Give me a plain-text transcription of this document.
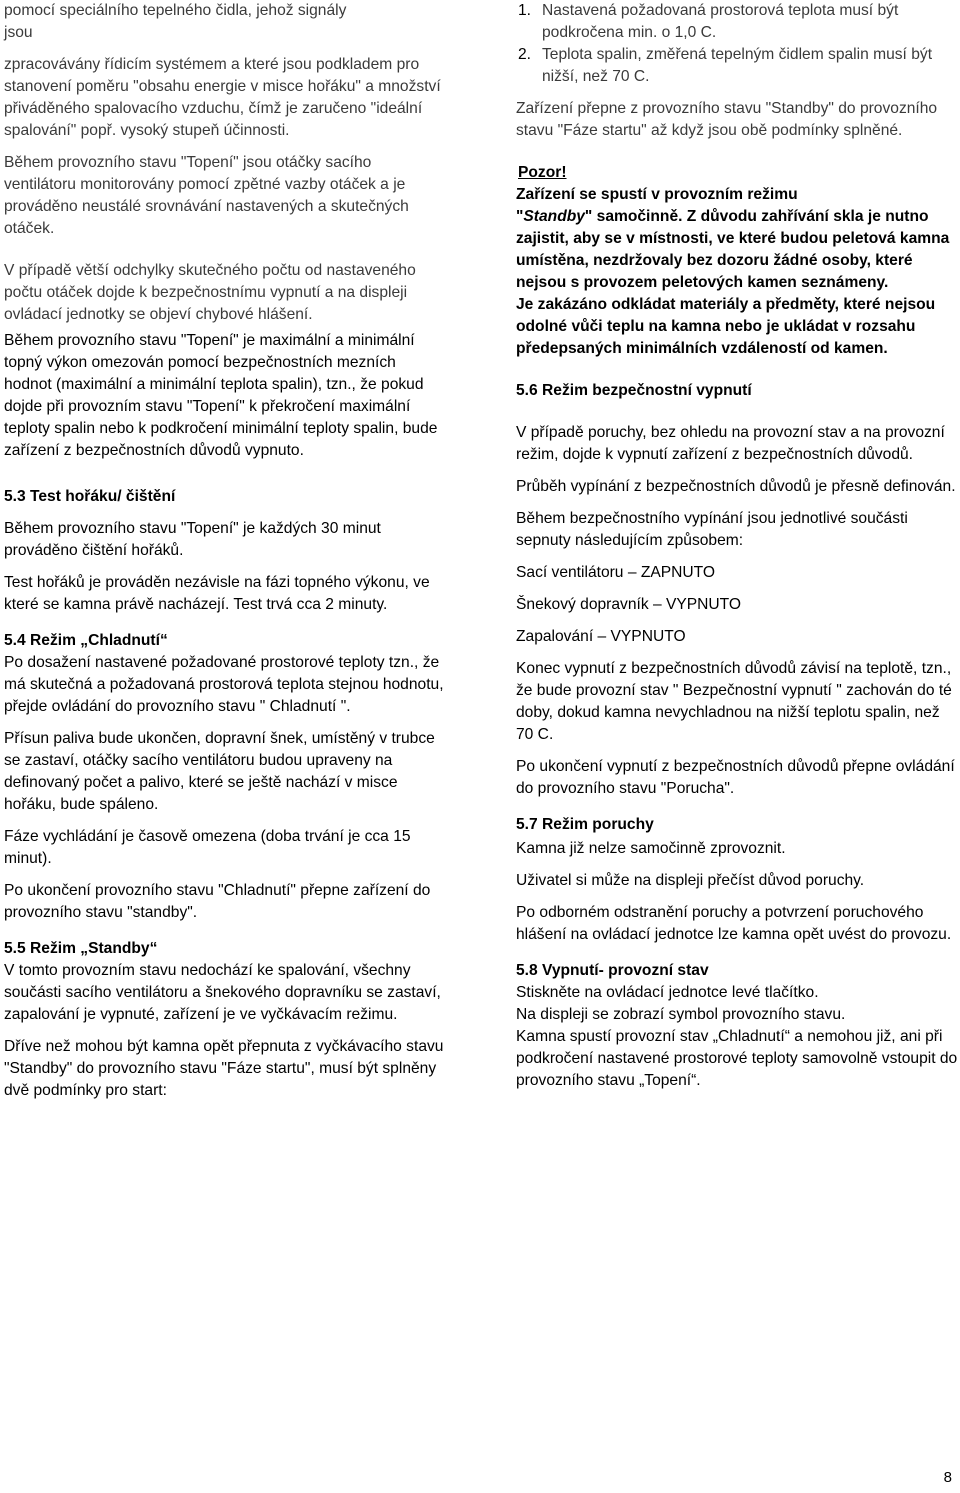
pomocí speciálního tepelného čidla, jehož signály

jsou

zpracovávány řídicím systémem a které jsou podkladem pro stanovení poměru "obsahu energie v misce hořáku" a množství přiváděného spalovacího vzduchu, čímž je zaručeno "ideální spalování" popř. vysoký stupeň účinnosti.

Během provozního stavu "Topení" jsou otáčky sacího ventilátoru monitorovány pomocí zpětné vazby otáček a je prováděno neustálé srovnávání nastavených a skutečných otáček.

V případě větší odchylky skutečného počtu od nastaveného počtu otáček dojde k bezpečnostnímu vypnutí a na displeji ovládací jednotky se objeví chybové hlášení.

Během provozního stavu "Topení" je maximální a minimální topný výkon omezován pomocí bezpečnostních mezních hodnot (maximální a minimální teplota spalin), tzn., že pokud dojde při provozním stavu "Topení" k překročení maximální teploty spalin nebo k podkročení minimální teploty spalin, bude zařízení z bezpečnostních důvodů vypnuto.

5.3 Test hořáku/ čištění

Během provozního stavu "Topení" je každých 30 minut prováděno čištění hořáků.

Test hořáků je prováděn nezávisle na fázi topného výkonu, ve které se kamna právě nacházejí. Test trvá cca 2 minuty.

5.4 Režim „Chladnutí“

Po dosažení nastavené požadované prostorové teploty tzn., že má skutečná a požadovaná prostorová teplota stejnou hodnotu, přejde ovládání do provozního stavu " Chladnutí ".

Přísun paliva bude ukončen, dopravní šnek, umístěný v trubce se zastaví, otáčky sacího ventilátoru budou upraveny na definovaný počet a palivo, které se ještě nachází v misce hořáku, bude spáleno.

Fáze vychládání je časově omezena (doba trvání je cca 15 minut).

Po ukončení provozního stavu "Chladnutí" přepne zařízení do provozního stavu "standby".

5.5 Režim „Standby“

V tomto provozním stavu nedochází ke spalování, všechny součásti sacího ventilátoru a šnekového dopravníku se zastaví, zapalování je vypnuté, zařízení je ve vyčkávacím režimu.

Dříve než mohou být kamna opět přepnuta z vyčkávacího stavu "Standby" do provozního stavu "Fáze startu", musí být splněny dvě podmínky pro start:

1. Nastavená požadovaná prostorová teplota musí být podkročena min. o 1,0 C.
2. Teplota spalin, změřená tepelným čidlem spalin musí být nižší, než 70 C.

Zařízení přepne z provozního stavu "Standby" do provozního stavu "Fáze startu" až když jsou obě podmínky splněné.

Pozor!

Zařízení se spustí v provozním režimu

"Standby" samočinně. Z důvodu zahřívání skla je nutno zajistit, aby se v místnosti, ve které budou peletová kamna umístěna, nezdržovaly bez dozoru žádné osoby, které nejsou s provozem peletových kamen seznámeny.

Je zakázáno odkládat materiály a předměty, které nejsou odolné vůči teplu na kamna nebo je ukládat v rozsahu předepsaných minimálních vzdáleností od kamen.

5.6 Režim bezpečnostní vypnutí

V případě poruchy, bez ohledu na provozní stav a na provozní režim, dojde k vypnutí zařízení z bezpečnostních důvodů.

Průběh vypínání z bezpečnostních důvodů je přesně definován.

Během bezpečnostního vypínání jsou jednotlivé součásti sepnuty následujícím způsobem:

Sací ventilátoru – ZAPNUTO

Šnekový dopravník – VYPNUTO

Zapalování – VYPNUTO

Konec vypnutí z bezpečnostních důvodů závisí na teplotě, tzn., že bude provozní stav " Bezpečnostní vypnutí " zachován do té doby, dokud kamna nevychladnou na nižší teplotu spalin, než 70 C.

Po ukončení vypnutí z bezpečnostních důvodů přepne ovládání do provozního stavu "Porucha".

5.7 Režim poruchy

Kamna již nelze samočinně zprovoznit.

Uživatel si může na displeji přečíst důvod poruchy.

Po odborném odstranění poruchy a potvrzení poruchového hlášení na ovládací jednotce lze kamna opět uvést do provozu.

5.8 Vypnutí- provozní stav

Stiskněte na ovládací jednotce levé tlačítko.

Na displeji se zobrazí symbol provozního stavu.

Kamna spustí provozní stav „Chladnutí“ a nemohou již, ani při podkročení nastavené prostorové teploty samovolně vstoupit do provozního stavu „Topení“.

8
